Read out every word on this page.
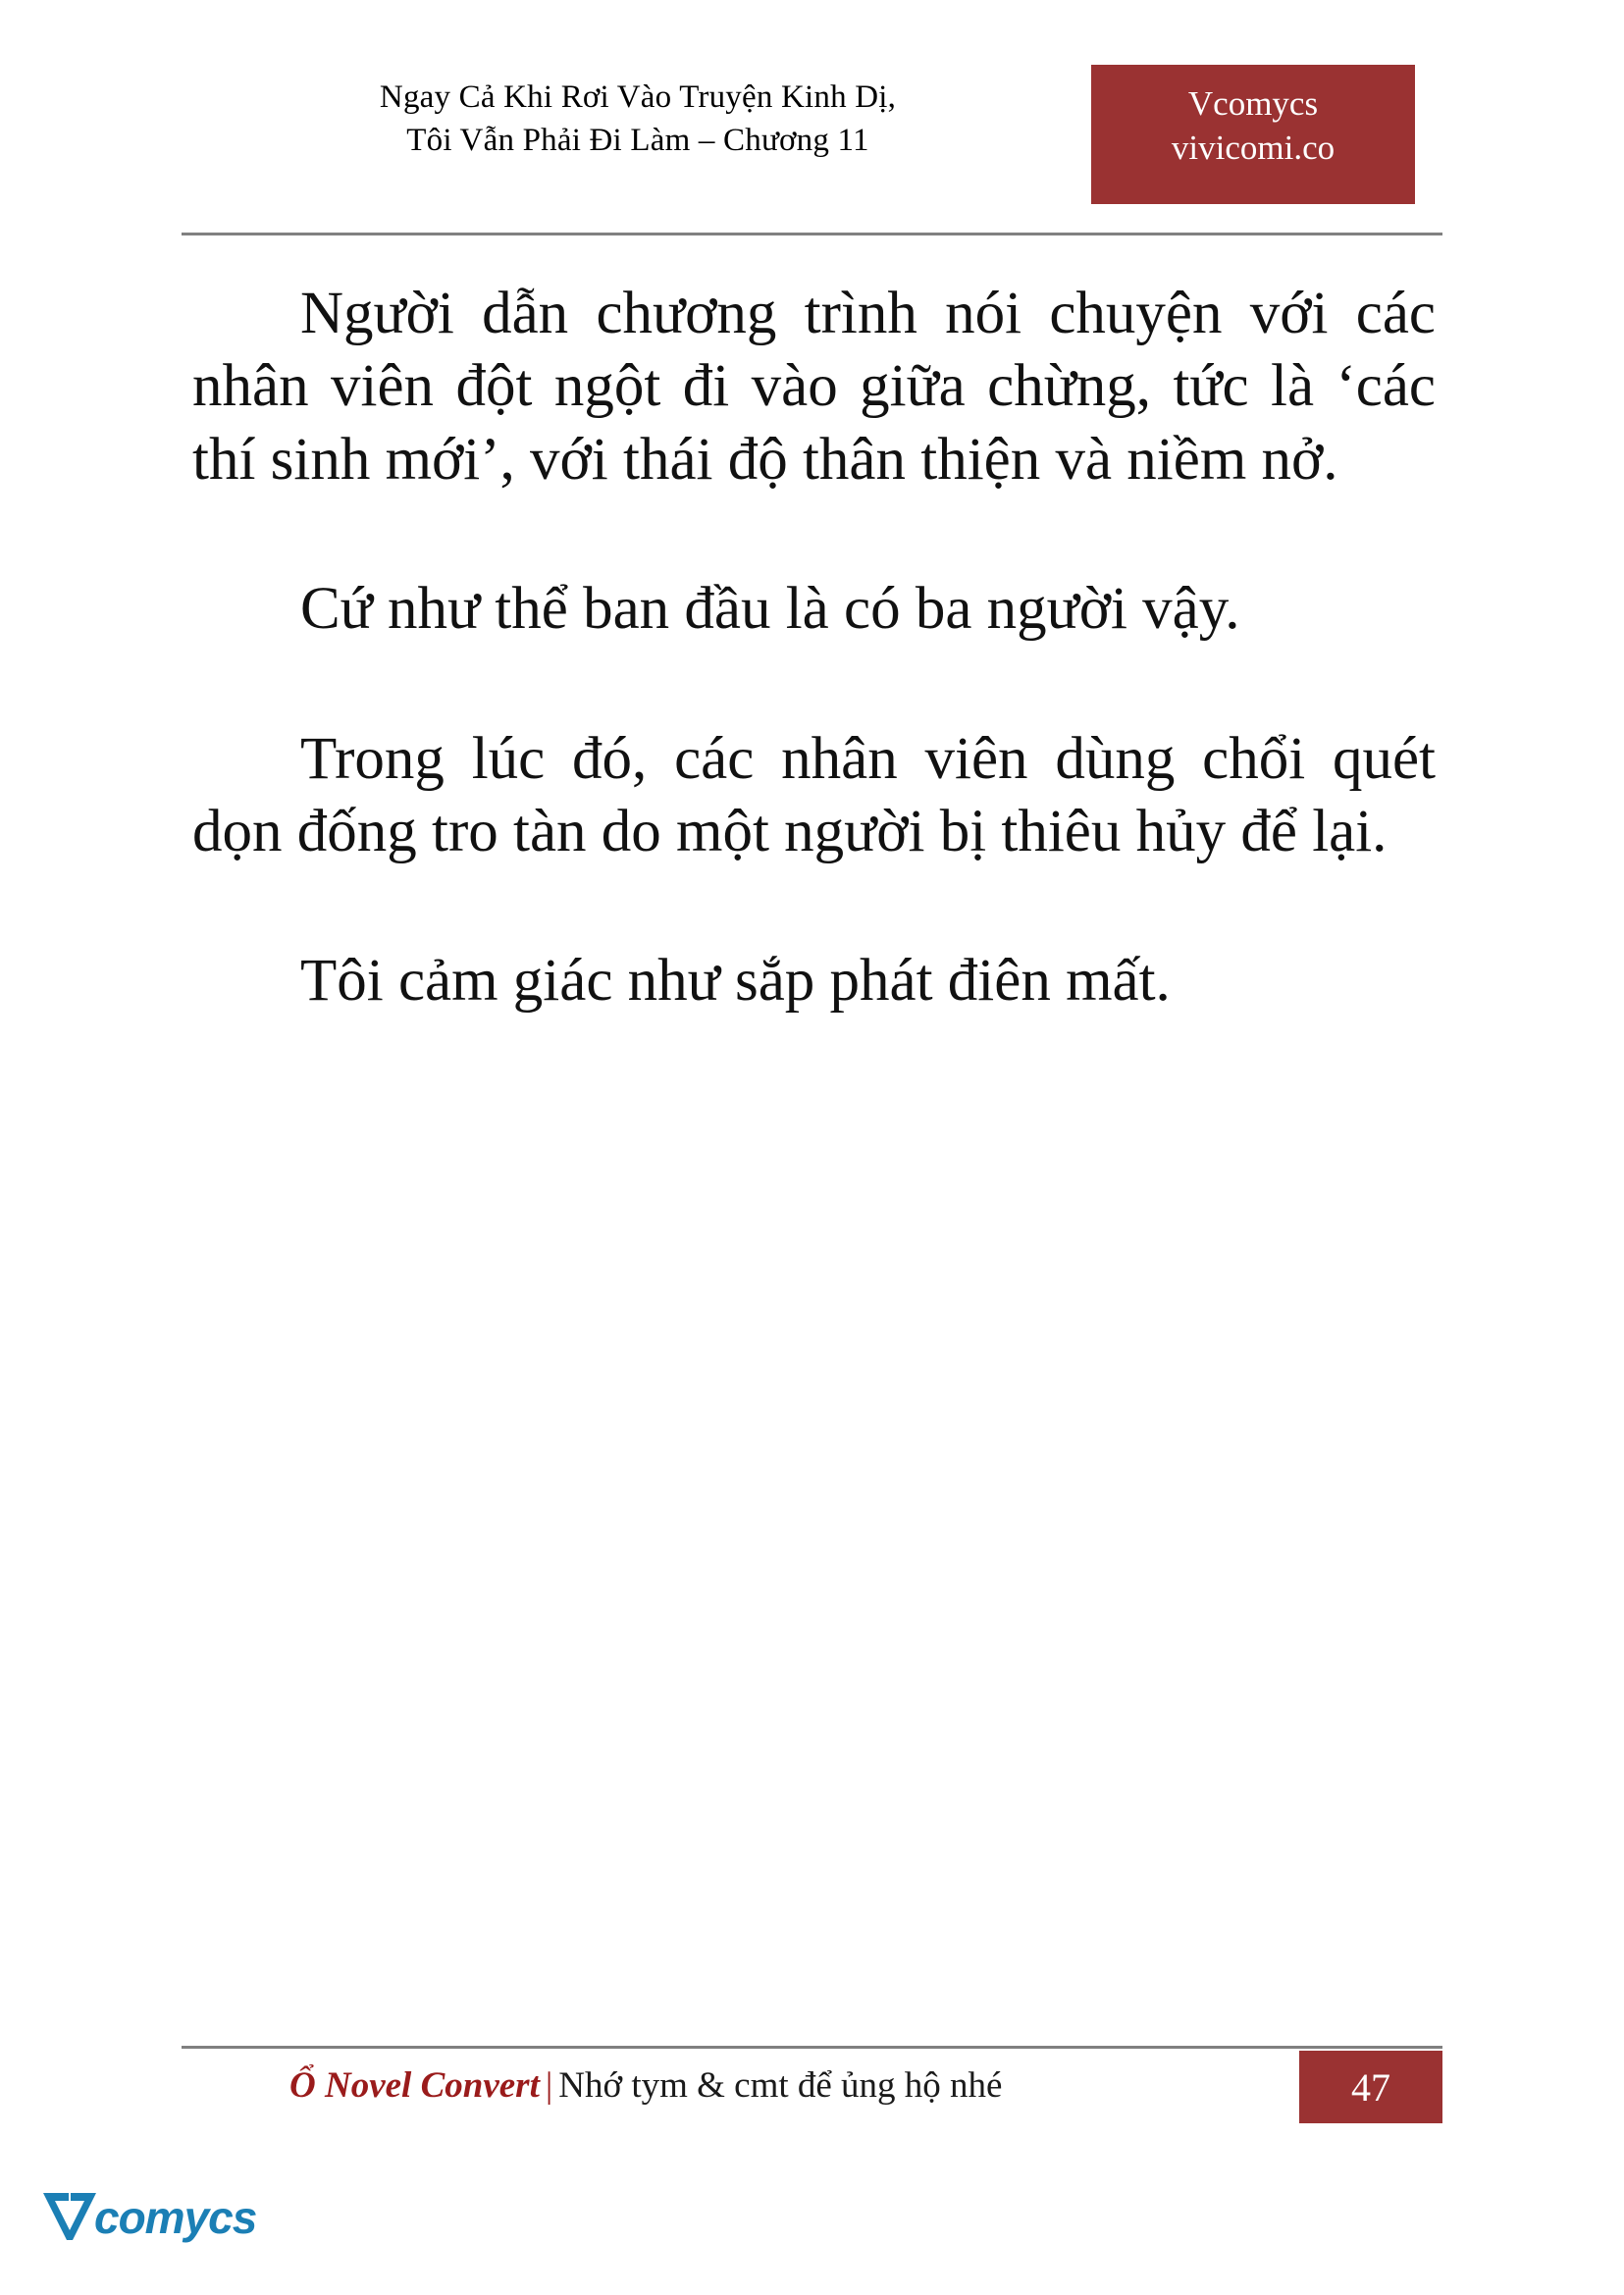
Ngay Cả Khi Rơi Vào Truyện Kinh Dị,
Tôi Vẫn Phải Đi Làm – Chương 11
Vcomycs
vivicomi.co

Người dẫn chương trình nói chuyện với các nhân viên đột ngột đi vào giữa chừng, tức là ‘các thí sinh mới’, với thái độ thân thiện và niềm nở.

Cứ như thể ban đầu là có ba người vậy.

Trong lúc đó, các nhân viên dùng chổi quét dọn đống tro tàn do một người bị thiêu hủy để lại.

Tôi cảm giác như sắp phát điên mất.

Ổ Novel Convert | Nhớ tym & cmt để ủng hộ nhé	47
comycs
